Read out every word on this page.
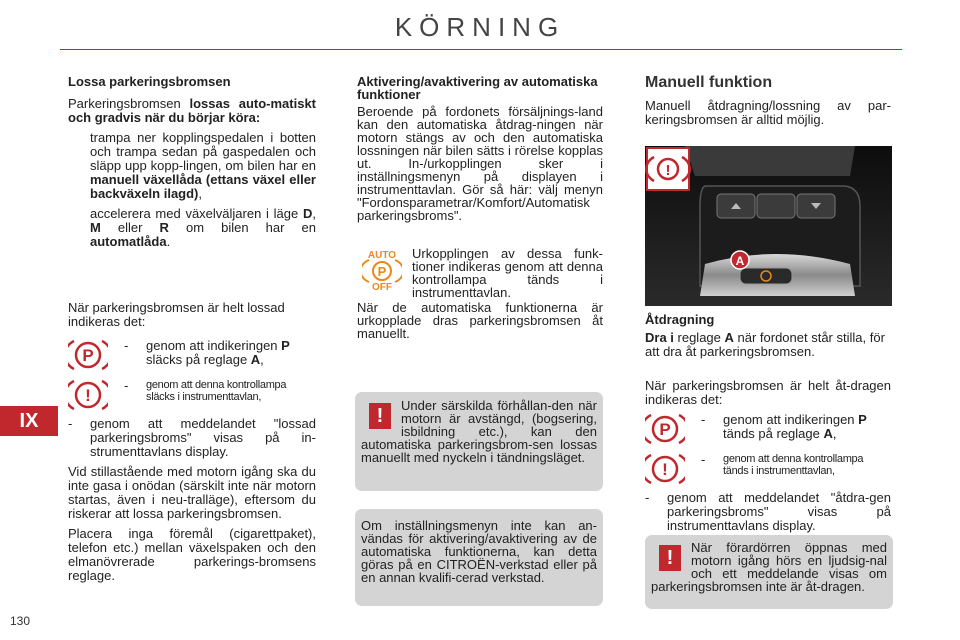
KÖRNING
IX
130

Lossa parkeringsbromsen

Parkeringsbromsen lossas auto-matiskt och gradvis när du börjar köra:

trampa ner kopplingspedalen i botten och trampa sedan på gaspedalen och släpp upp kopp-lingen, om bilen har en manuell växellåda (ettans växel eller backväxeln ilagd),
accelerera med växelväljaren i läge D, M eller R om bilen har en automatlåda.

När parkeringsbromsen är helt lossad indikeras det:

P
- genom att indikeringen P släcks på reglage A,
!
- genom att denna kontrollampa släcks i instrumenttavlan,
-	genom att meddelandet "lossad parkeringsbroms" visas på in-strumenttavlans display.

Vid stillastående med motorn igång ska du inte gasa i onödan (särskilt inte när motorn startas, även i neu-tralläge), eftersom du riskerar att lossa parkeringsbromsen.

Placera inga föremål (cigarettpaket), telefon etc.) mellan växelspaken och den elmanövrerade parkerings-bromsens reglage.

Aktivering/avaktivering av automatiska funktioner

Beroende på fordonets försäljnings-land kan den automatiska åtdrag-ningen när motorn stängs av och den automatiska lossningen när bilen sätts i rörelse kopplas ut. In-/urkopplingen sker i inställningsmenyn på displayen i instrumenttavlan. Gör så här: välj menyn "Fordonsparametrar/Komfort/Automatisk parkeringsbroms".

AUTO
P
OFF
Urkopplingen av dessa funk-tioner indikeras genom att denna kontrollampa tänds i instrumenttavlan.
När de automatiska funktionerna är urkopplade dras parkeringsbromsen åt manuellt.
!	Under särskilda förhållan-den när motorn är avstängd, (bogsering, isbildning etc.), kan den automatiska parkeringsbrom-sen lossas manuellt med nyckeln i tändningsläget.
Om inställningsmenyn inte kan an-vändas för aktivering/avaktivering av de automatiska funktionerna, kan detta göras på en CITROËN-verkstad eller på en annan kvalifi-cerad verkstad.
Manuell funktion
Manuell åtdragning/lossning av par-keringsbromsen är alltid möjlig.
!
A

Åtdragning

Dra i reglage A när fordonet står stilla, för att dra åt parkeringsbromsen.

När parkeringsbromsen är helt åt-dragen indikeras det:

P
- genom att indikeringen P tänds på reglage A,
!
- genom att denna kontrollampa tänds i instrumenttavlan,
-	genom att meddelandet "åtdra-gen parkeringsbroms" visas på instrumenttavlans display.
!	När förardörren öppnas med motorn igång hörs en ljudsig-nal och ett meddelande visas om parkeringsbromsen inte är åt-dragen.
